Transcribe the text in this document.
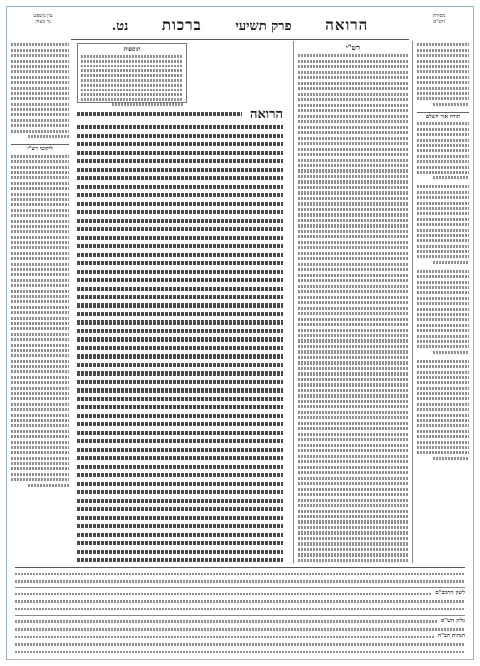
מסורת
הש"ס
הרואה פרק תשיעי ברכות נט.
עין משפט
נר מצוה
תורה אור השלם
רש"י
הרואה
תוספות
ליקוטי רש"י
לשון הרמב"ם
גליון הש"ס
הגהות הב"ח
